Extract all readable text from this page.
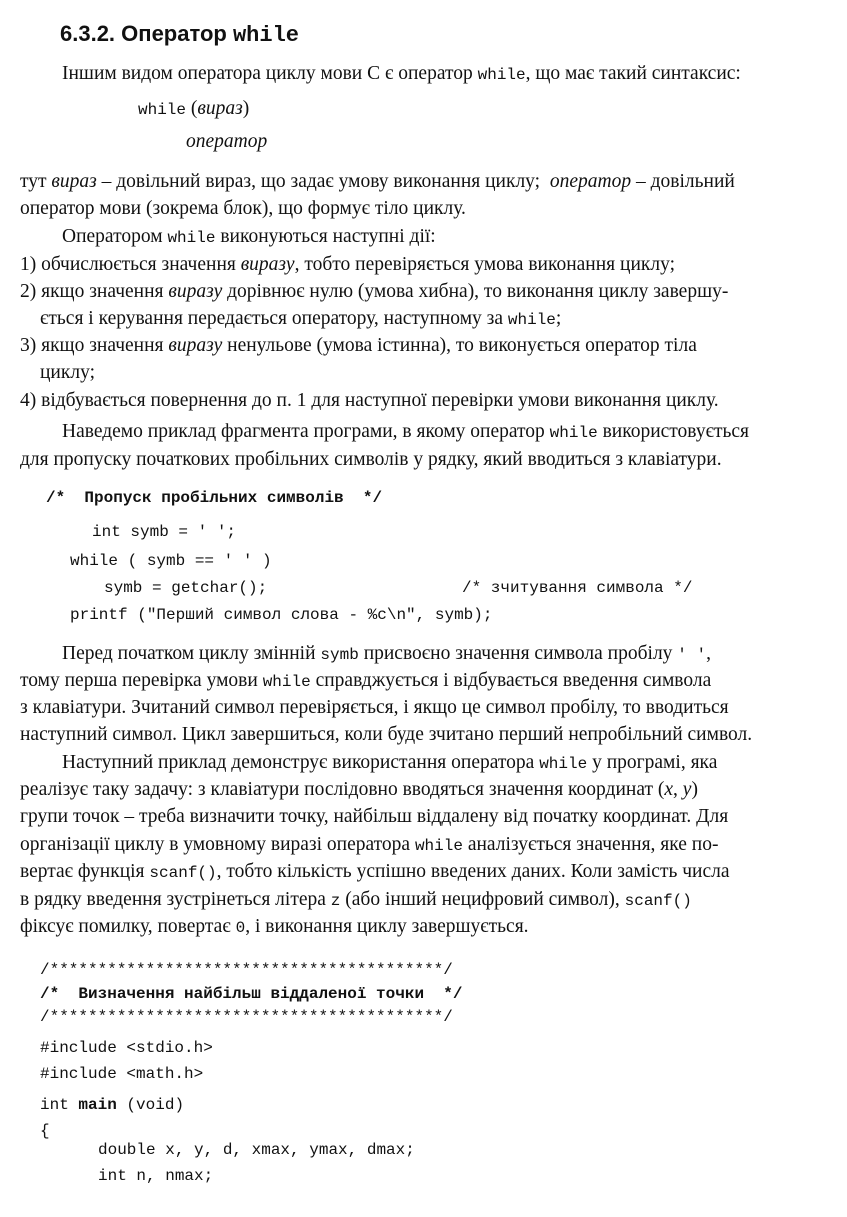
6.3.2. Оператор while
Іншим видом оператора циклу мови С є оператор while, що має такий синтаксис:
while (вираз)
оператор
тут вираз – довільний вираз, що задає умову виконання циклу;  оператор – довільний
оператор мови (зокрема блок), що формує тіло циклу.
Оператором while виконуються наступні дії:
1) обчислюється значення виразу, тобто перевіряється умова виконання циклу;
2) якщо значення виразу дорівнює нулю (умова хибна), то виконання циклу завершу-
ється і керування передається оператору, наступному за while;
3) якщо значення виразу ненульове (умова істинна), то виконується оператор тіла
циклу;
4) відбувається повернення до п. 1 для наступної перевірки умови виконання циклу.
Наведемо приклад фрагмента програми, в якому оператор while використовується
для пропуску початкових пробільних символів у рядку, який вводиться з клавіатури.
/*  Пропуск пробільних символів  */
int symb = ' ';
while ( symb == ' ' )
symb = getchar();	/* зчитування символа */
printf ("Перший символ слова - %c\n", symb);
Перед початком циклу змінній symb присвоєно значення символа пробілу ' ',
тому перша перевірка умови while справджується і відбувається введення символа
з клавіатури. Зчитаний символ перевіряється, і якщо це символ пробілу, то вводиться
наступний символ. Цикл завершиться, коли буде зчитано перший непробільний символ.
Наступний приклад демонструє використання оператора while у програмі, яка
реалізує таку задачу: з клавіатури послідовно вводяться значення координат (x, y)
групи точок – треба визначити точку, найбільш віддалену від початку координат. Для
організації циклу в умовному виразі оператора while аналізується значення, яке по-
вертає функція scanf(), тобто кількість успішно введених даних. Коли замість числа
в рядку введення зустрінеться літера z (або інший нецифровий символ), scanf()
фіксує помилку, повертає 0, і виконання циклу завершується.
/*****************************************/
/*  Визначення найбільш віддаленої точки  */
/*****************************************/
#include <stdio.h>
#include <math.h>
int main (void)
{
double x, y, d, xmax, ymax, dmax;
int n, nmax;
